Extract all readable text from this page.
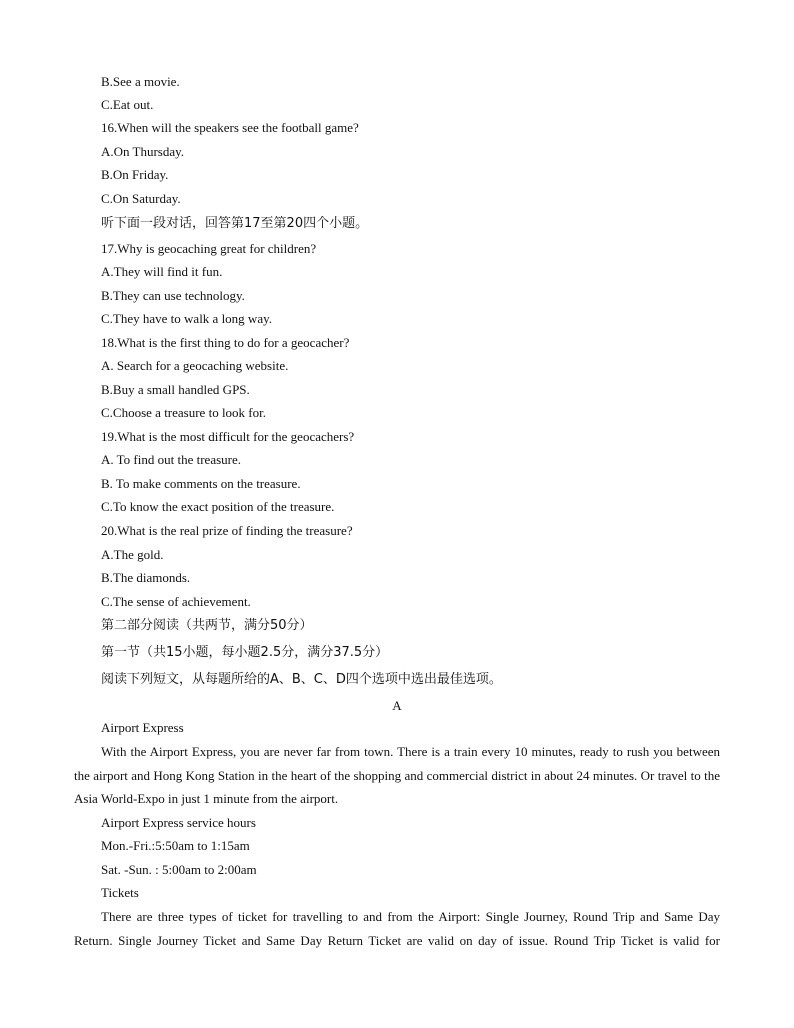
B.See a movie.
C.Eat out.
16.When will the speakers see the football game?
A.On Thursday.
B.On Friday.
C.On Saturday.
听下面一段对话，回答第17至第20四个小题。
17.Why is geocaching great for children?
A.They will find it fun.
B.They can use technology.
C.They have to walk a long way.
18.What is the first thing to do for a geocacher?
A. Search for a geocaching website.
B.Buy a small handled GPS.
C.Choose a treasure to look for.
19.What is the most difficult for the geocachers?
A. To find out the treasure.
B. To make comments on the treasure.
C.To know the exact position of the treasure.
20.What is the real prize of finding the treasure?
A.The gold.
B.The diamonds.
C.The sense of achievement.
第二部分阅读（共两节，满分50分）
第一节（共15小题，每小题2.5分，满分37.5分）
阅读下列短文，从每题所给的A、B、C、D四个选项中选出最佳选项。
A
Airport Express
With the Airport Express, you are never far from town. There is a train every 10 minutes, ready to rush you between the airport and Hong Kong Station in the heart of the shopping and commercial district in about 24 minutes. Or travel to the Asia World-Expo in just 1 minute from the airport.
Airport Express service hours
Mon.-Fri.:5:50am to 1:15am
Sat. -Sun. : 5:00am to 2:00am
Tickets
There are three types of ticket for travelling to and from the Airport: Single Journey, Round Trip and Same Day Return. Single Journey Ticket and Same Day Return Ticket are valid on day of issue. Round Trip Ticket is valid for
